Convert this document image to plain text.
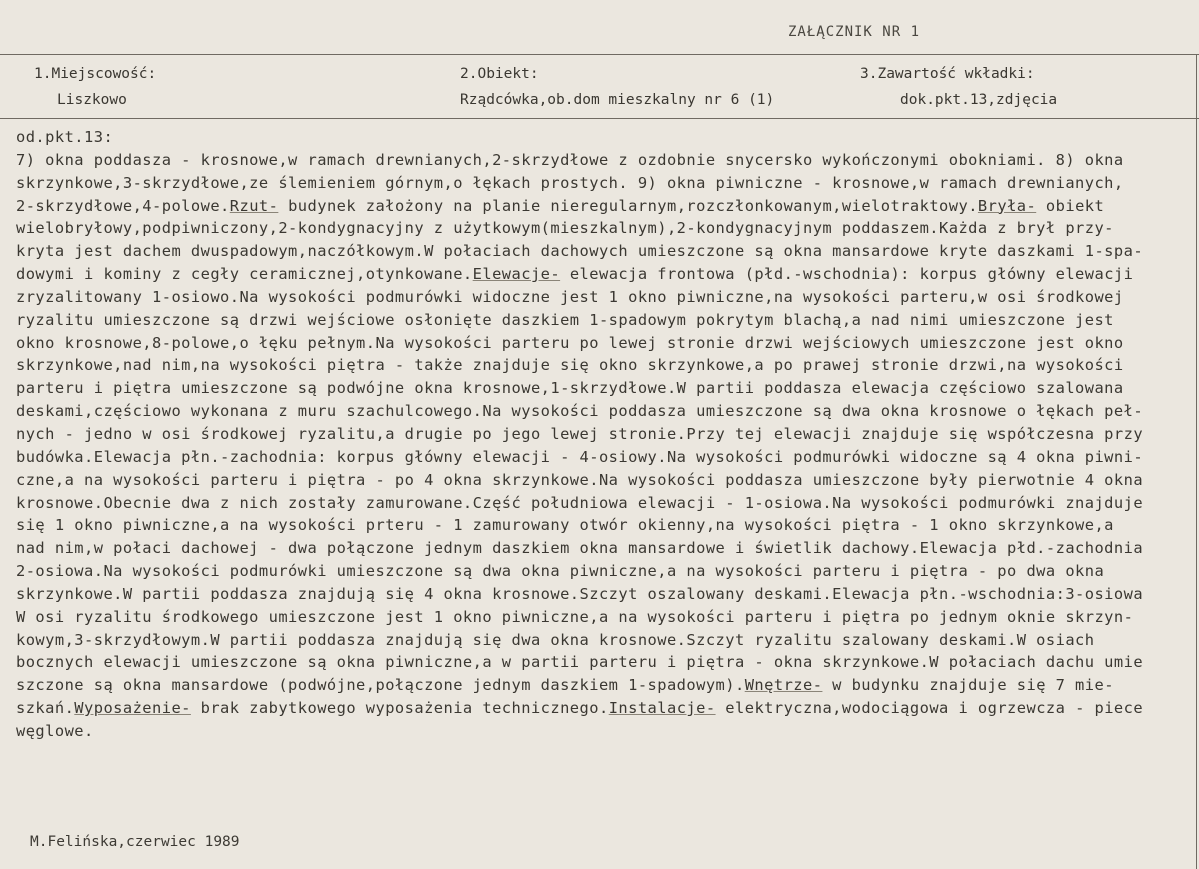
ZAŁĄCZNIK NR 1
1.Miejscowość:
Liszkowo
2.Obiekt:
Rządcówka,ob.dom mieszkalny nr 6 (1)
3.Zawartość wkładki:
dok.pkt.13,zdjęcia
od.pkt.13:
7) okna poddasza - krosnowe,w ramach drewnianych,2-skrzydłowe z ozdobnie snycersko wykończonymi obokniami. 8) okna
skrzynkowe,3-skrzydłowe,ze ślemieniem górnym,o łękach prostych. 9) okna piwniczne - krosnowe,w ramach drewnianych,
2-skrzydłowe,4-polowe.Rzut- budynek założony na planie nieregularnym,rozczłonkowanym,wielotraktowy.Bryła- obiekt
wielobryłowy,podpiwniczony,2-kondygnacyjny z użytkowym(mieszkalnym),2-kondygnacyjnym poddaszem.Każda z brył przy-
kryta jest dachem dwuspadowym,naczółkowym.W połaciach dachowych umieszczone są okna mansardowe kryte daszkami 1-spa-
dowymi i kominy z cegły ceramicznej,otynkowane.Elewacje- elewacja frontowa (płd.-wschodnia): korpus główny elewacji
zryzalitowany 1-osiowo.Na wysokości podmurówki widoczne jest 1 okno piwniczne,na wysokości parteru,w osi środkowej
ryzalitu umieszczone są drzwi wejściowe osłonięte daszkiem 1-spadowym pokrytym blachą,a nad nimi umieszczone jest
okno krosnowe,8-polowe,o łęku pełnym.Na wysokości parteru po lewej stronie drzwi wejściowych umieszczone jest okno
skrzynkowe,nad nim,na wysokości piętra - także znajduje się okno skrzynkowe,a po prawej stronie drzwi,na wysokości
parteru i piętra umieszczone są podwójne okna krosnowe,1-skrzydłowe.W partii poddasza elewacja częściowo szalowana
deskami,częściowo wykonana z muru szachulcowego.Na wysokości poddasza umieszczone są dwa okna krosnowe o łękach peł-
nych - jedno w osi środkowej ryzalitu,a drugie po jego lewej stronie.Przy tej elewacji znajduje się współczesna przy
budówka.Elewacja płn.-zachodnia: korpus główny elewacji - 4-osiowy.Na wysokości podmurówki widoczne są 4 okna piwni-
czne,a na wysokości parteru i piętra - po 4 okna skrzynkowe.Na wysokości poddasza umieszczone były pierwotnie 4 okna
krosnowe.Obecnie dwa z nich zostały zamurowane.Część południowa elewacji - 1-osiowa.Na wysokości podmurówki znajduje
się 1 okno piwniczne,a na wysokości prteru - 1 zamurowany otwór okienny,na wysokości piętra - 1 okno skrzynkowe,a
nad nim,w połaci dachowej - dwa połączone jednym daszkiem okna mansardowe i świetlik dachowy.Elewacja płd.-zachodnia
2-osiowa.Na wysokości podmurówki umieszczone są dwa okna piwniczne,a na wysokości parteru i piętra - po dwa okna
skrzynkowe.W partii poddasza znajdują się 4 okna krosnowe.Szczyt oszalowany deskami.Elewacja płn.-wschodnia:3-osiowa
W osi ryzalitu środkowego umieszczone jest 1 okno piwniczne,a na wysokości parteru i piętra po jednym oknie skrzyn-
kowym,3-skrzydłowym.W partii poddasza znajdują się dwa okna krosnowe.Szczyt ryzalitu szalowany deskami.W osiach
bocznych elewacji umieszczone są okna piwniczne,a w partii parteru i piętra - okna skrzynkowe.W połaciach dachu umie
szczone są okna mansardowe (podwójne,połączone jednym daszkiem 1-spadowym).Wnętrze- w budynku znajduje się 7 mie-
szkań.Wyposażenie- brak zabytkowego wyposażenia technicznego.Instalacje- elektryczna,wodociągowa i ogrzewcza - piece
węglowe.
M.Felińska,czerwiec 1989
